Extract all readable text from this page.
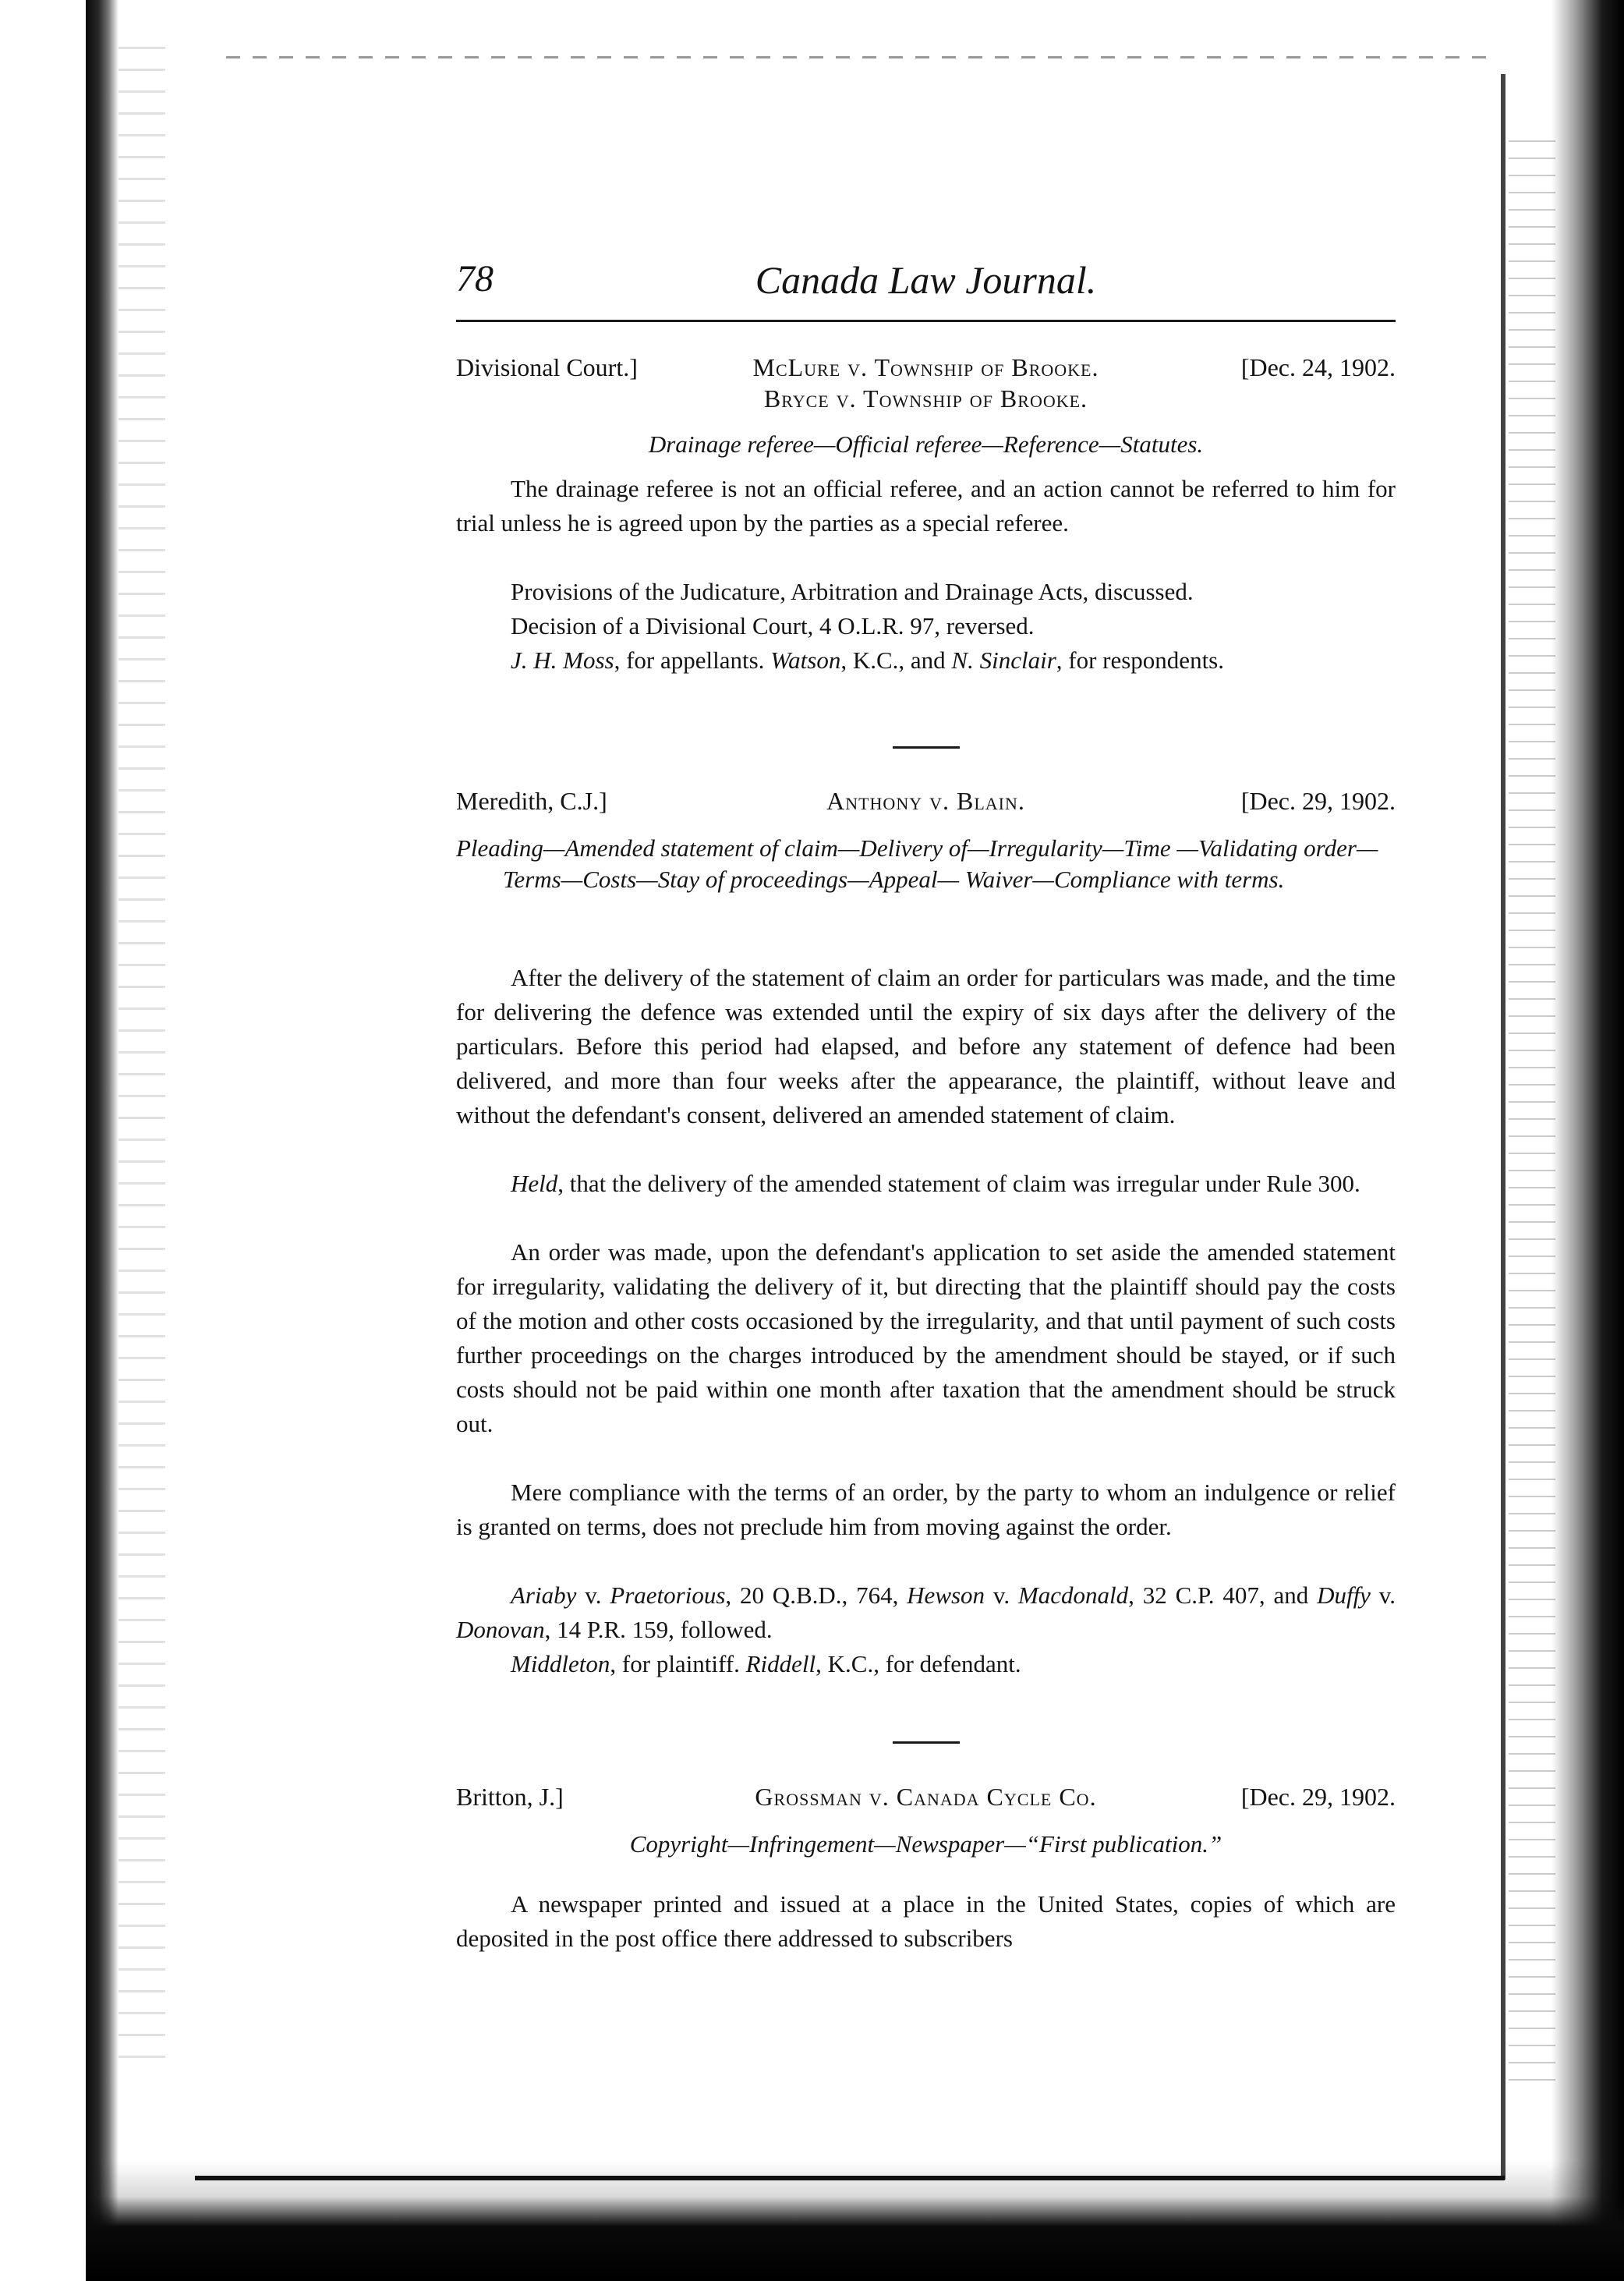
78	Canada Law Journal.
Divisional Court.]	McLure v. Township of Brooke.	[Dec. 24, 1902.
Bryce v. Township of Brooke.
Drainage referee—Official referee—Reference—Statutes.

The drainage referee is not an official referee, and an action cannot be referred to him for trial unless he is agreed upon by the parties as a special referee.

Provisions of the Judicature, Arbitration and Drainage Acts, discussed.

Decision of a Divisional Court, 4 O.L.R. 97, reversed.

J. H. Moss, for appellants. Watson, K.C., and N. Sinclair, for respondents.

Meredith, C.J.]	Anthony v. Blain.	[Dec. 29, 1902.
Pleading—Amended statement of claim—Delivery of—Irregularity—Time —Validating order—Terms—Costs—Stay of proceedings—Appeal— Waiver—Compliance with terms.

After the delivery of the statement of claim an order for particulars was made, and the time for delivering the defence was extended until the expiry of six days after the delivery of the particulars. Before this period had elapsed, and before any statement of defence had been delivered, and more than four weeks after the appearance, the plaintiff, without leave and without the defendant's consent, delivered an amended statement of claim.

Held, that the delivery of the amended statement of claim was irregular under Rule 300.

An order was made, upon the defendant's application to set aside the amended statement for irregularity, validating the delivery of it, but directing that the plaintiff should pay the costs of the motion and other costs occasioned by the irregularity, and that until payment of such costs further proceedings on the charges introduced by the amendment should be stayed, or if such costs should not be paid within one month after taxation that the amendment should be struck out.

Mere compliance with the terms of an order, by the party to whom an indulgence or relief is granted on terms, does not preclude him from moving against the order.

Ariaby v. Praetorious, 20 Q.B.D., 764, Hewson v. Macdonald, 32 C.P. 407, and Duffy v. Donovan, 14 P.R. 159, followed.

Middleton, for plaintiff. Riddell, K.C., for defendant.

Britton, J.]	Grossman v. Canada Cycle Co.	[Dec. 29, 1902.
Copyright—Infringement—Newspaper—“First publication.”

A newspaper printed and issued at a place in the United States, copies of which are deposited in the post office there addressed to subscribers
